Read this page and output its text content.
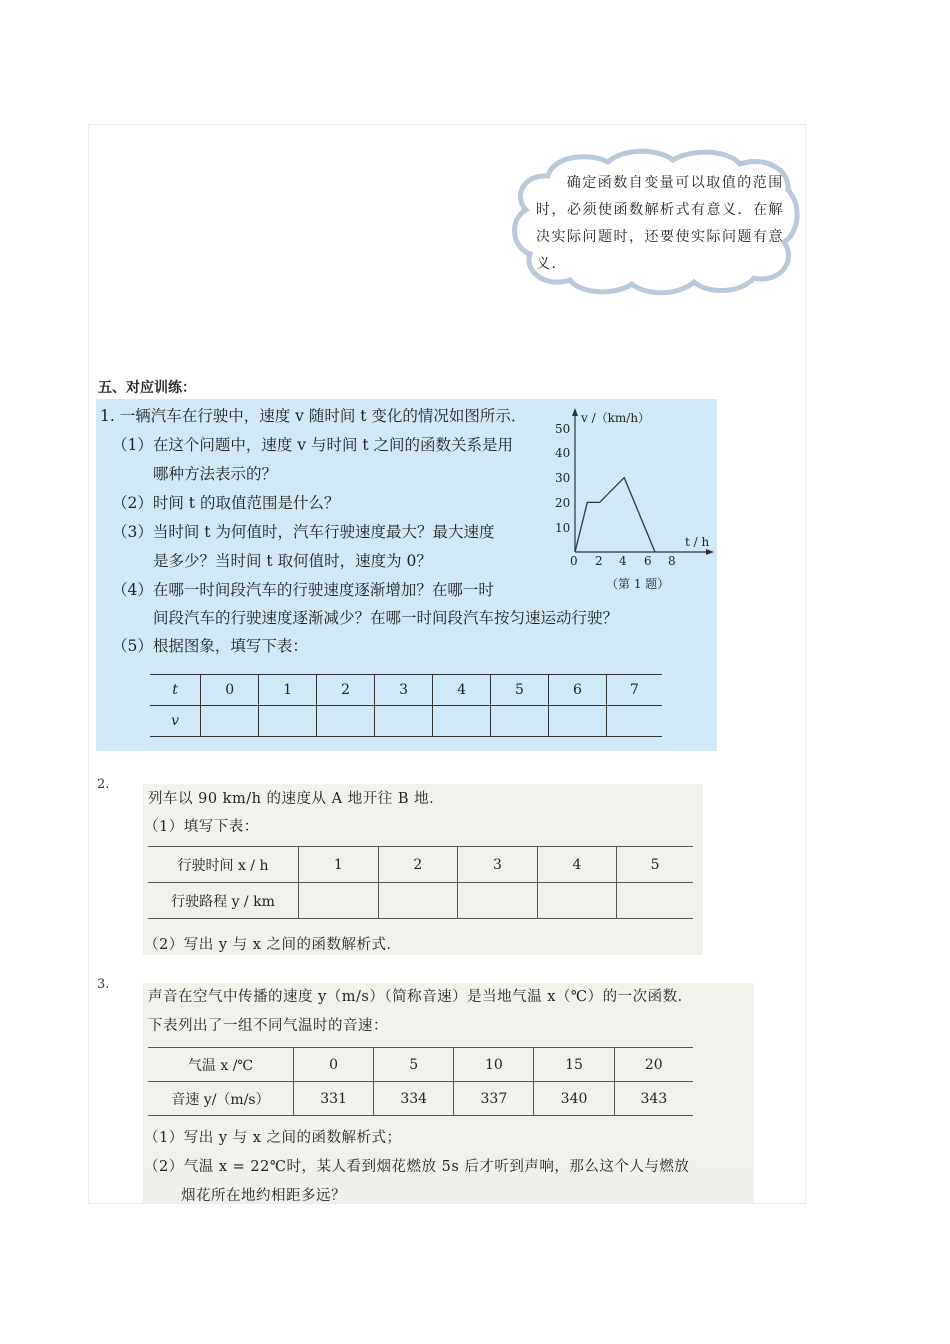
确定函数自变量可以取值的范围时，必须使函数解析式有意义．在解决实际问题时，还要使实际问题有意义．
五、对应训练：
1. 一辆汽车在行驶中，速度 v 随时间 t 变化的情况如图所示．
（1）在这个问题中，速度 v 与时间 t 之间的函数关系是用
哪种方法表示的？
（2）时间 t 的取值范围是什么？
（3）当时间 t 为何值时，汽车行驶速度最大？最大速度
是多少？当时间 t 取何值时，速度为 0？
（4）在哪一时间段汽车的行驶速度逐渐增加？在哪一时
间段汽车的行驶速度逐渐减少？在哪一时间段汽车按匀速运动行驶？
（5）根据图象，填写下表：
v /（km/h）
t / h
50
40
30
20
10
0 2 4 6 8
（第 1 题）
t	0	1	2	3	4	5	6	7
v								
2.
列车以 90 km/h 的速度从 A 地开往 B 地．
（1）填写下表：
行驶时间 x / h	1	2	3	4	5
行驶路程 y / km					
（2）写出 y 与 x 之间的函数解析式．
3.
声音在空气中传播的速度 y（m/s）（简称音速）是当地气温 x（℃）的一次函数．
下表列出了一组不同气温时的音速：
气温 x /℃	0	5	10	15	20
音速 y/（m/s）	331	334	337	340	343
（1）写出 y 与 x 之间的函数解析式；
（2）气温 x = 22℃时，某人看到烟花燃放 5s 后才听到声响，那么这个人与燃放
烟花所在地约相距多远？
